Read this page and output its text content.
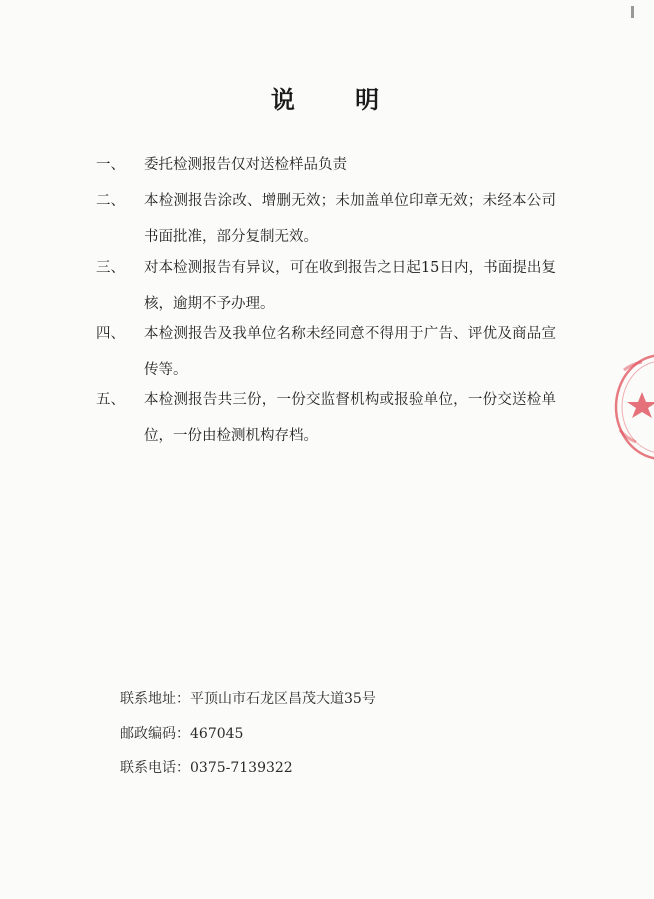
说 明
一、	委托检测报告仅对送检样品负责
二、	本检测报告涂改、增删无效；未加盖单位印章无效；未经本公司书面批准，部分复制无效。
三、	对本检测报告有异议，可在收到报告之日起15日内，书面提出复核，逾期不予办理。
四、	本检测报告及我单位名称未经同意不得用于广告、评优及商品宣传等。
五、	本检测报告共三份，一份交监督机构或报验单位，一份交送检单位，一份由检测机构存档。
联系地址：平顶山市石龙区昌茂大道35号
邮政编码：467045
联系电话：0375-7139322
